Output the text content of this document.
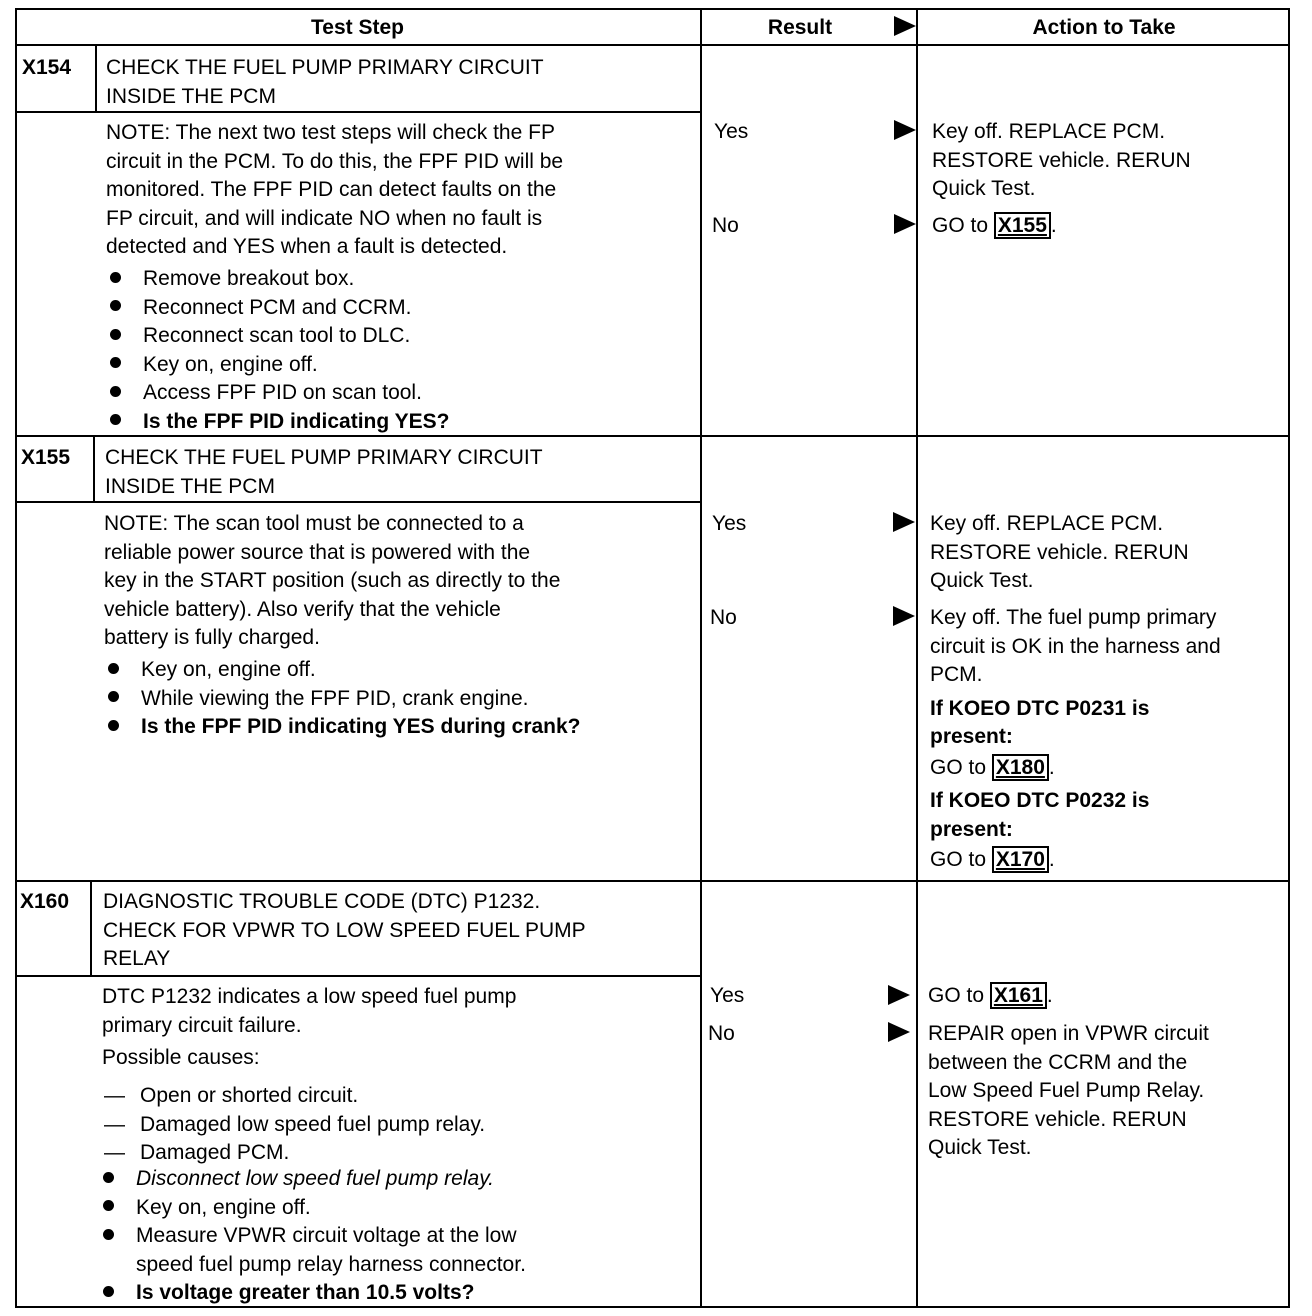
Test Step	Result	Action to Take
X154 CHECK THE FUEL PUMP PRIMARY CIRCUIT
INSIDE THE PCM
NOTE: The next two test steps will check the FP
circuit in the PCM. To do this, the FPF PID will be
monitored. The FPF PID can detect faults on the
FP circuit, and will indicate NO when no fault is
detected and YES when a fault is detected.
Remove breakout box.
Reconnect PCM and CCRM.
Reconnect scan tool to DLC.
Key on, engine off.
Access FPF PID on scan tool.
Is the FPF PID indicating YES?
Yes
No
Key off. REPLACE PCM.
RESTORE vehicle. RERUN
Quick Test.
GO to X155 .
X155 CHECK THE FUEL PUMP PRIMARY CIRCUIT
INSIDE THE PCM
NOTE: The scan tool must be connected to a
reliable power source that is powered with the
key in the START position (such as directly to the
vehicle battery). Also verify that the vehicle
battery is fully charged.
Key on, engine off.
While viewing the FPF PID, crank engine.
Is the FPF PID indicating YES during crank?
Yes
No
Key off. REPLACE PCM.
RESTORE vehicle. RERUN
Quick Test.
Key off. The fuel pump primary
circuit is OK in the harness and
PCM.
If KOEO DTC P0231 is
present:
GO to X180 .
If KOEO DTC P0232 is
present:
GO to X170 .
X160 DIAGNOSTIC TROUBLE CODE (DTC) P1232.
CHECK FOR VPWR TO LOW SPEED FUEL PUMP
RELAY
DTC P1232 indicates a low speed fuel pump
primary circuit failure.
Possible causes:
— Open or shorted circuit.
— Damaged low speed fuel pump relay.
— Damaged PCM.
Disconnect low speed fuel pump relay.
Key on, engine off.
Measure VPWR circuit voltage at the low
speed fuel pump relay harness connector.
Is voltage greater than 10.5 volts?
Yes
No
GO to X161 .
REPAIR open in VPWR circuit
between the CCRM and the
Low Speed Fuel Pump Relay.
RESTORE vehicle. RERUN
Quick Test.
